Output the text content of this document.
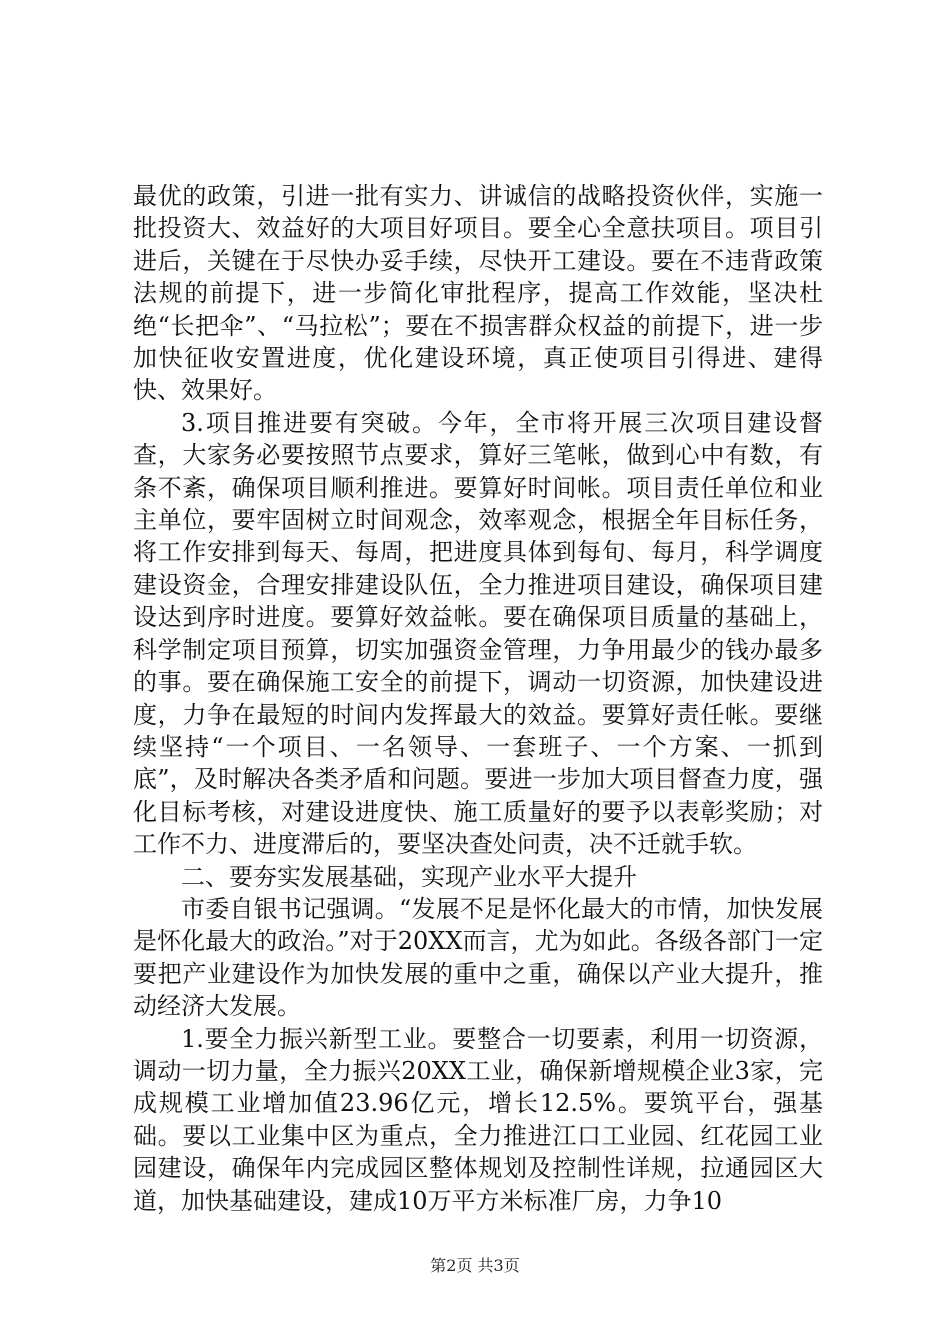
最优的政策，引进一批有实力、讲诚信的战略投资伙伴，实施一批投资大、效益好的大项目好项目。要全心全意扶项目。项目引进后，关键在于尽快办妥手续，尽快开工建设。要在不违背政策法规的前提下，进一步简化审批程序，提高工作效能，坚决杜绝“长把伞”、“马拉松”；要在不损害群众权益的前提下，进一步加快征收安置进度，优化建设环境，真正使项目引得进、建得快、效果好。

3.项目推进要有突破。今年，全市将开展三次项目建设督查，大家务必要按照节点要求，算好三笔帐，做到心中有数，有条不紊，确保项目顺利推进。要算好时间帐。项目责任单位和业主单位，要牢固树立时间观念，效率观念，根据全年目标任务，将工作安排到每天、每周，把进度具体到每旬、每月，科学调度建设资金，合理安排建设队伍，全力推进项目建设，确保项目建设达到序时进度。要算好效益帐。要在确保项目质量的基础上，科学制定项目预算，切实加强资金管理，力争用最少的钱办最多的事。要在确保施工安全的前提下，调动一切资源，加快建设进度，力争在最短的时间内发挥最大的效益。要算好责任帐。要继续坚持“一个项目、一名领导、一套班子、一个方案、一抓到底”，及时解决各类矛盾和问题。要进一步加大项目督查力度，强化目标考核，对建设进度快、施工质量好的要予以表彰奖励；对工作不力、进度滞后的，要坚决查处问责，决不迁就手软。

二、要夯实发展基础，实现产业水平大提升

市委自银书记强调。“发展不足是怀化最大的市情，加快发展是怀化最大的政治。”对于20XX而言，尤为如此。各级各部门一定要把产业建设作为加快发展的重中之重，确保以产业大提升，推动经济大发展。

1.要全力振兴新型工业。要整合一切要素，利用一切资源，调动一切力量，全力振兴20XX工业，确保新增规模企业3家，完成规模工业增加值23.96亿元，增长12.5%。要筑平台，强基础。要以工业集中区为重点，全力推进江口工业园、红花园工业园建设，确保年内完成园区整体规划及控制性详规，拉通园区大道，加快基础建设，建成10万平方米标准厂房，力争10

第2页 共3页
